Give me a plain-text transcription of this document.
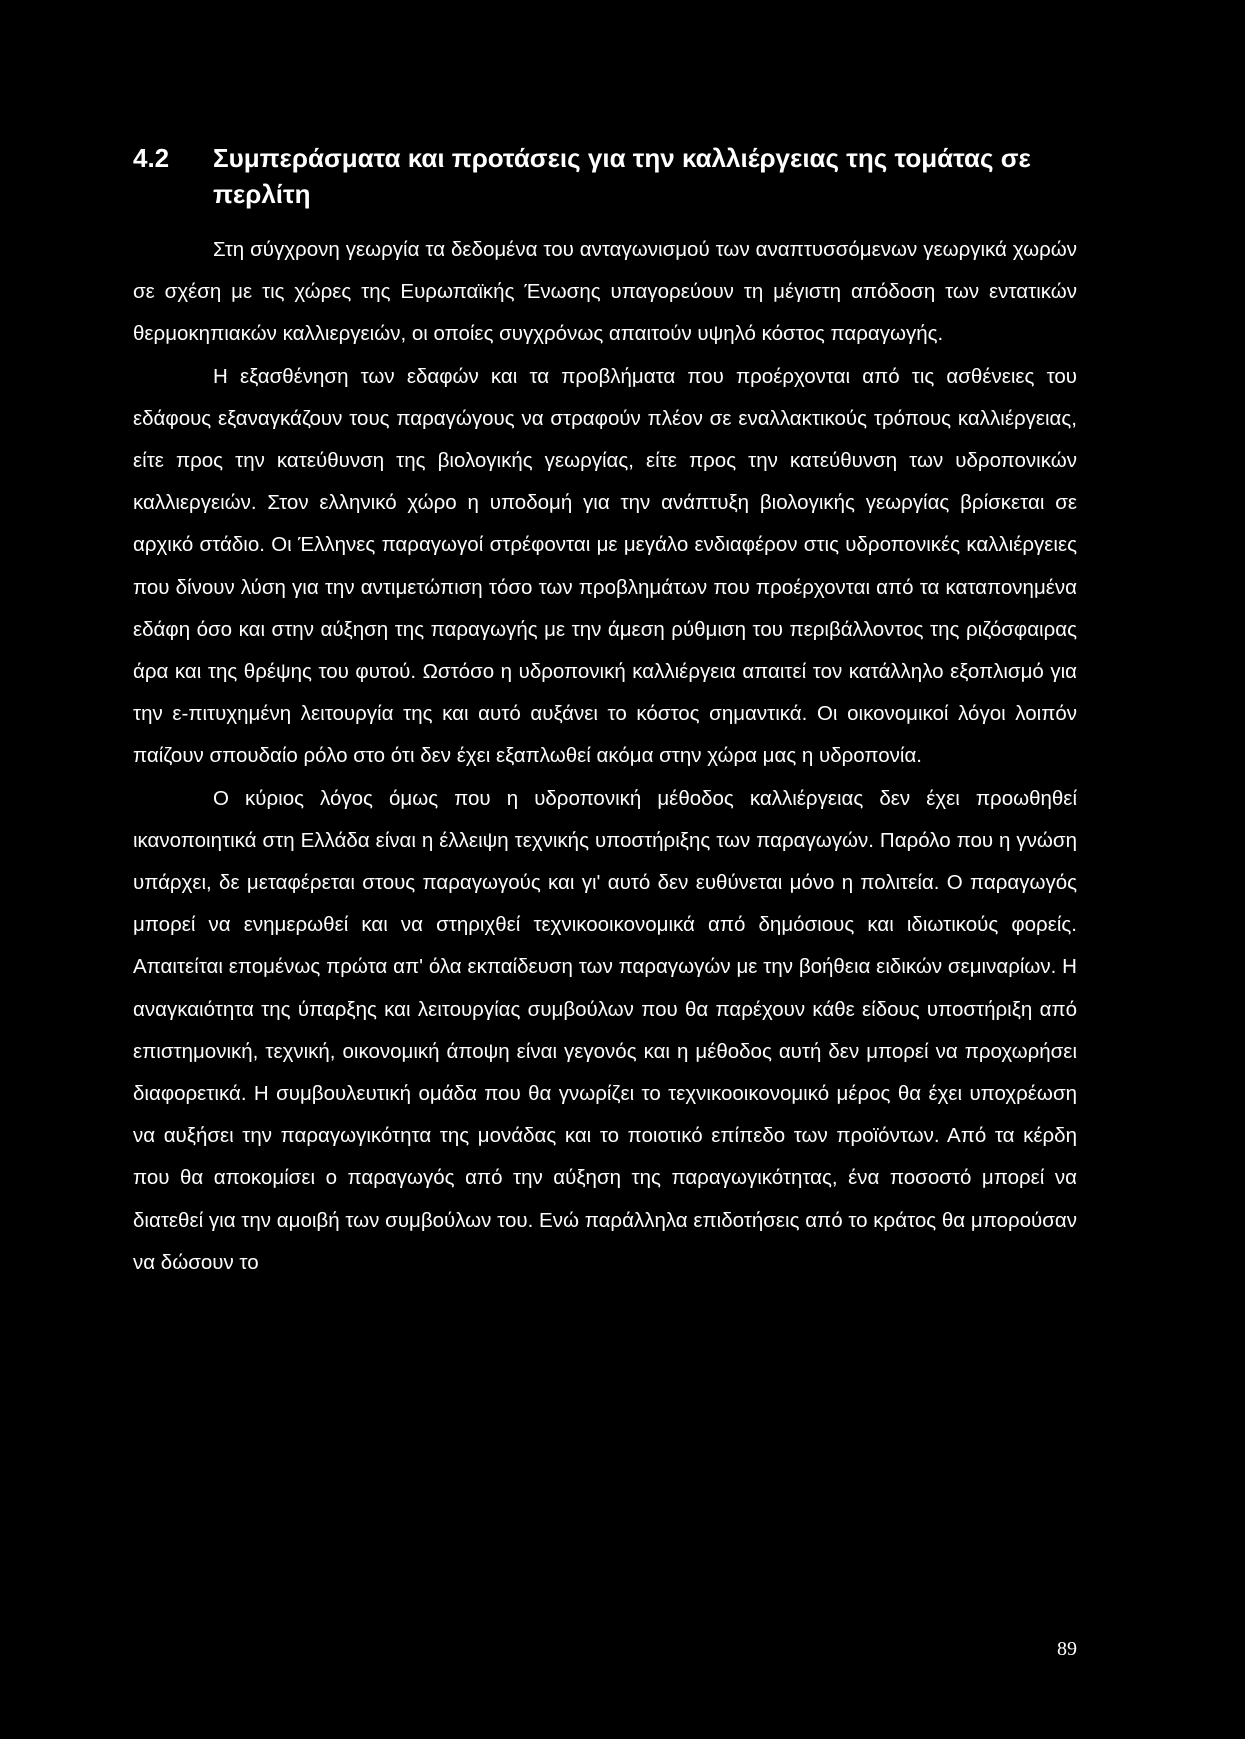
4.2	Συμπεράσματα και προτάσεις για την καλλιέργειας της τομάτας σε περλίτη

Στη σύγχρονη γεωργία τα δεδομένα του ανταγωνισμού των αναπτυσσόμενων γεωργικά χωρών σε σχέση με τις χώρες της Ευρωπαϊκής Ένωσης υπαγορεύουν τη μέγιστη απόδοση των εντατικών θερμοκηπιακών καλλιεργειών, οι οποίες συγχρόνως απαιτούν υψηλό κόστος παραγωγής.

Η εξασθένηση των εδαφών και τα προβλήματα που προέρχονται από τις ασθένειες του εδάφους εξαναγκάζουν τους παραγώγους να στραφούν πλέον σε εναλλακτικούς τρόπους καλλιέργειας, είτε προς την κατεύθυνση της βιολογικής γεωργίας, είτε προς την κατεύθυνση των υδροπονικών καλλιεργειών. Στον ελληνικό χώρο η υποδομή για την ανάπτυξη βιολογικής γεωργίας βρίσκεται σε αρχικό στάδιο. Οι Έλληνες παραγωγοί στρέφονται με μεγάλο ενδιαφέρον στις υδροπονικές καλλιέργειες που δίνουν λύση για την αντιμετώπιση τόσο των προβλημάτων που προέρχονται από τα καταπονημένα εδάφη όσο και στην αύξηση της παραγωγής με την άμεση ρύθμιση του περιβάλλοντος της ριζόσφαιρας άρα και της θρέψης του φυτού. Ωστόσο η υδροπονική καλλιέργεια απαιτεί τον κατάλληλο εξοπλισμό για την ε-πιτυχημένη λειτουργία της και αυτό αυξάνει το κόστος σημαντικά. Οι οικονομικοί λόγοι λοιπόν παίζουν σπουδαίο ρόλο στο ότι δεν έχει εξαπλωθεί ακόμα στην χώρα μας η υδροπονία.

Ο κύριος λόγος όμως που η υδροπονική μέθοδος καλλιέργειας δεν έχει προωθηθεί ικανοποιητικά στη Ελλάδα είναι η έλλειψη τεχνικής υποστήριξης των παραγωγών. Παρόλο που η γνώση υπάρχει, δε μεταφέρεται στους παραγωγούς και γι' αυτό δεν ευθύνεται μόνο η πολιτεία. Ο παραγωγός μπορεί να ενημερωθεί και να στηριχθεί τεχνικοοικονομικά από δημόσιους και ιδιωτικούς φορείς. Απαιτείται επομένως πρώτα απ' όλα εκπαίδευση των παραγωγών με την βοήθεια ειδικών σεμιναρίων. Η αναγκαιότητα της ύπαρξης και λειτουργίας συμβούλων που θα παρέχουν κάθε είδους υποστήριξη από επιστημονική, τεχνική, οικονομική άποψη είναι γεγονός και η μέθοδος αυτή δεν μπορεί να προχωρήσει διαφορετικά. Η συμβουλευτική ομάδα που θα γνωρίζει το τεχνικοοικονομικό μέρος θα έχει υποχρέωση να αυξήσει την παραγωγικότητα της μονάδας και το ποιοτικό επίπεδο των προϊόντων. Από τα κέρδη που θα αποκομίσει ο παραγωγός από την αύξηση της παραγωγικότητας, ένα ποσοστό μπορεί να διατεθεί για την αμοιβή των συμβούλων του. Ενώ παράλληλα επιδοτήσεις από το κράτος θα μπορούσαν να δώσουν το

89
